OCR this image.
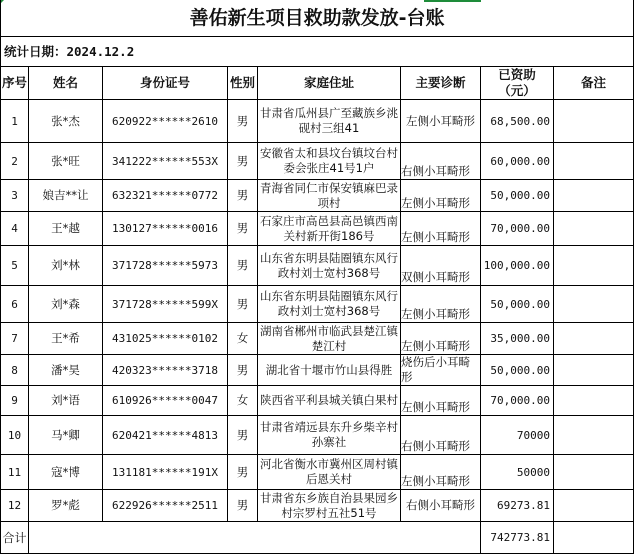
善佑新生项目救助款发放-台账							
统计日期：2024.12.2							
序号	姓名	身份证号	性别	家庭住址	主要诊断	已资助（元）	备注
1	张*杰	620922******2610	男	甘肃省瓜州县广至藏族乡洮砚村三组41	左侧小耳畸形	68,500.00	
2	张*旺	341222******553X	男	安徽省太和县坟台镇坟台村委会张庄41号1户	右侧小耳畸形	60,000.00	
3	娘吉**让	632321******0772	男	青海省同仁市保安镇麻巴录项村	左侧小耳畸形	50,000.00	
4	王*越	130127******0016	男	石家庄市高邑县高邑镇西南关村新开街186号	左侧小耳畸形	70,000.00	
5	刘*林	371728******5973	男	山东省东明县陆圈镇东风行政村刘士宽村368号	双侧小耳畸形	100,000.00	
6	刘*森	371728******599X	男	山东省东明县陆圈镇东风行政村刘士宽村368号	左侧小耳畸形	50,000.00	
7	王*希	431025******0102	女	湖南省郴州市临武县楚江镇楚江村	左侧小耳畸形	35,000.00	
8	潘*昊	420323******3718	男	湖北省十堰市竹山县得胜	烧伤后小耳畸形	50,000.00	
9	刘*语	610926******0047	女	陕西省平利县城关镇白果村	左侧小耳畸形	70,000.00	
10	马*卿	620421******4813	男	甘肃省靖远县东升乡柴辛村孙寨社	右侧小耳畸形	70000	
11	寇*博	131181******191X	男	河北省衡水市冀州区周村镇后恩关村	左侧小耳畸形	50000	
12	罗*彪	622926******2511	男	甘肃省东乡族自治县果园乡村宗罗村五社51号	右侧小耳畸形	69273.81	
合计						742773.81	
